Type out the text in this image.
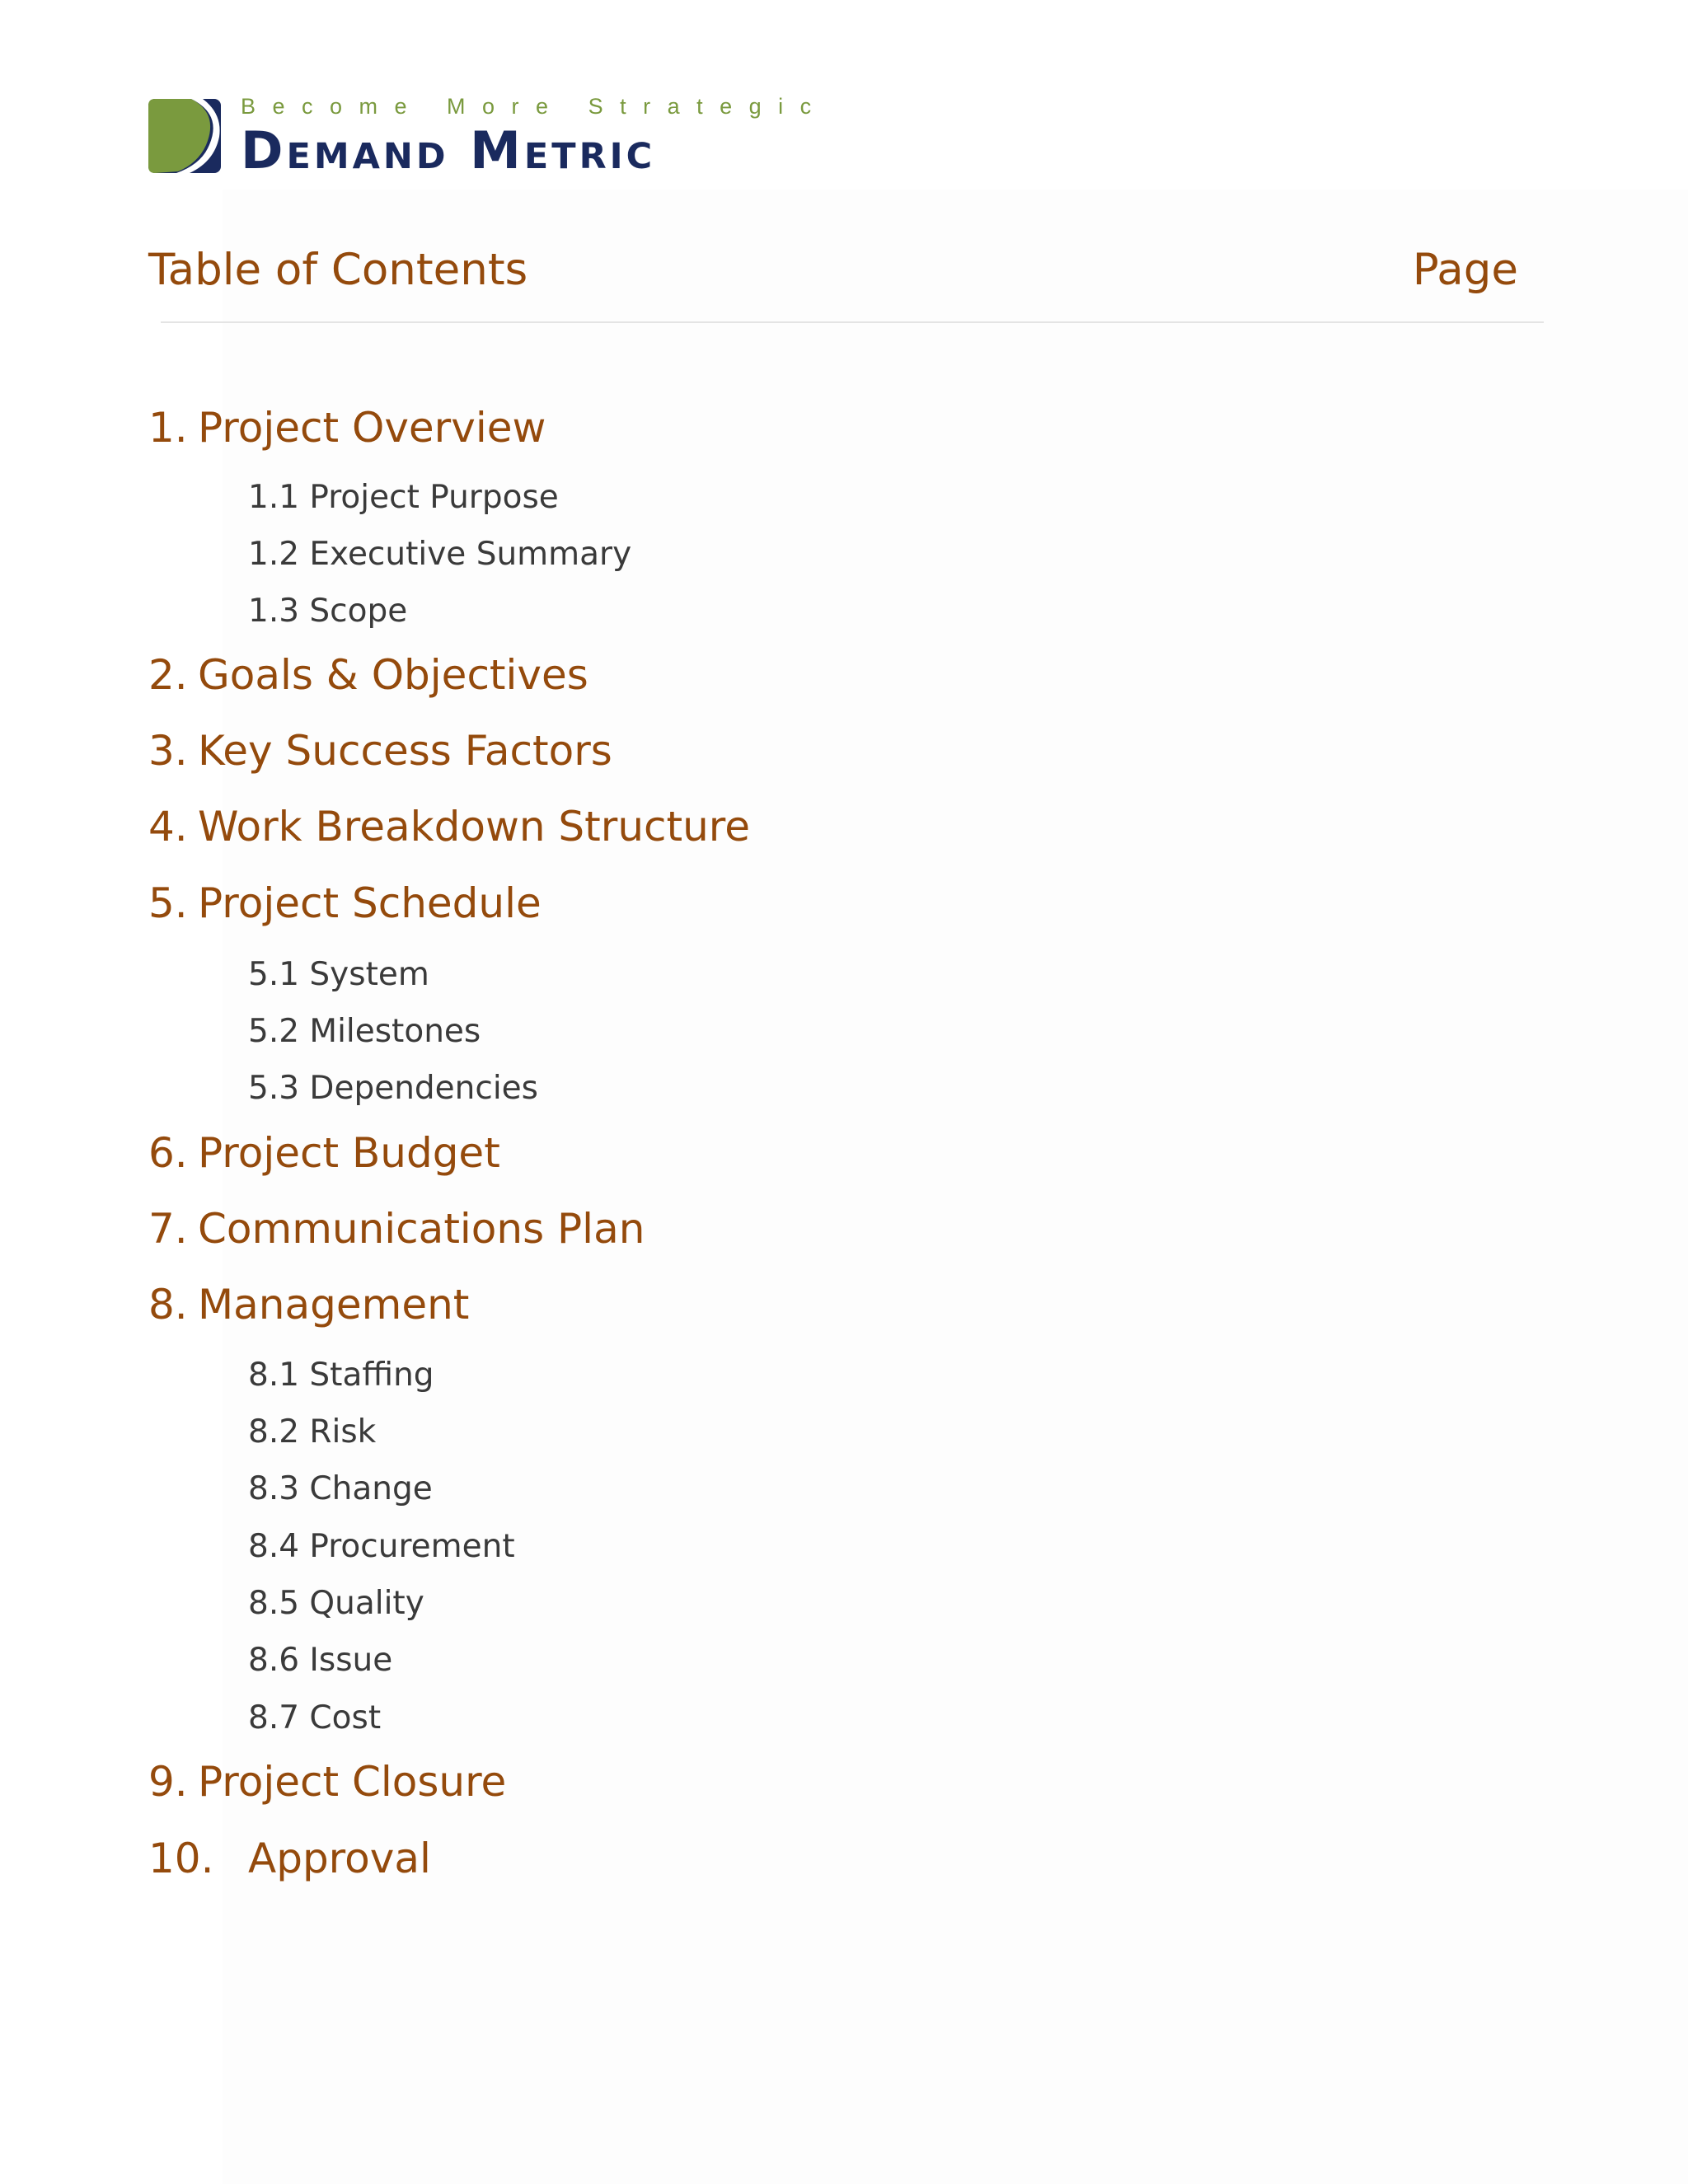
Become More Strategic
Demand Metric
Table of Contents	Page
1. Project Overview
1.1 Project Purpose
1.2 Executive Summary
1.3 Scope
2. Goals & Objectives
3. Key Success Factors
4. Work Breakdown Structure
5. Project Schedule
5.1 System
5.2 Milestones
5.3 Dependencies
6. Project Budget
7. Communications Plan
8. Management
8.1 Staffing
8.2 Risk
8.3 Change
8.4 Procurement
8.5 Quality
8.6 Issue
8.7 Cost
9. Project Closure
10. Approval
